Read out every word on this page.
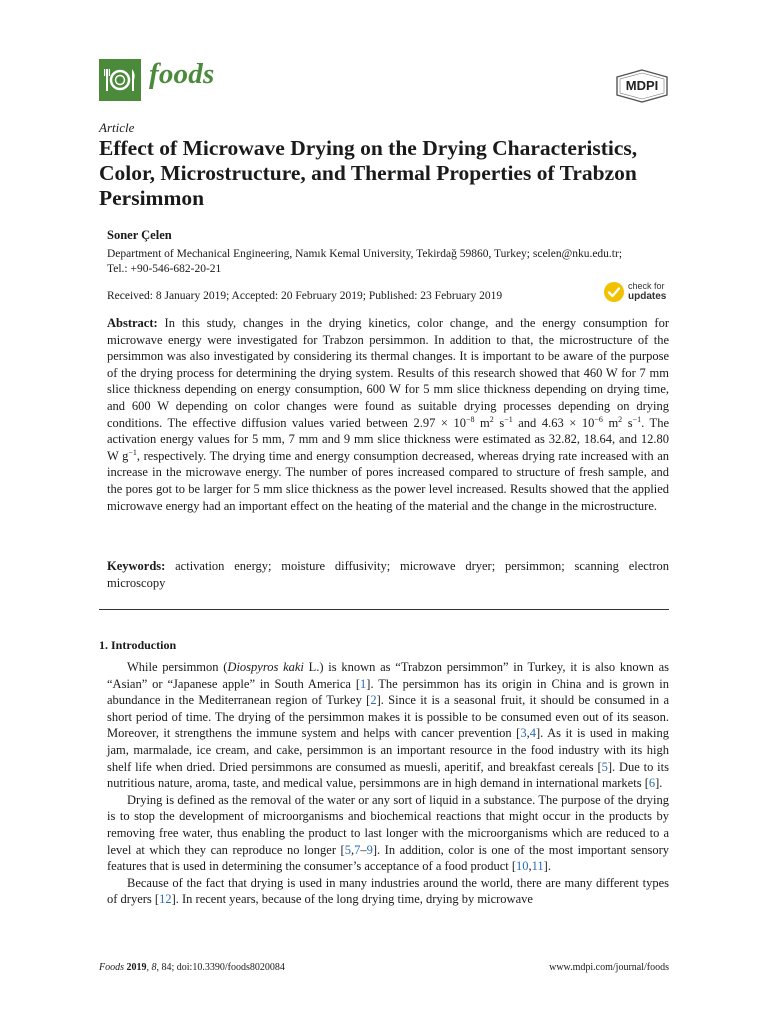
foods	MDPI
Article
Effect of Microwave Drying on the Drying Characteristics, Color, Microstructure, and Thermal Properties of Trabzon Persimmon
Soner Çelen
Department of Mechanical Engineering, Namık Kemal University, Tekirdağ 59860, Turkey; scelen@nku.edu.tr;
Tel.: +90-546-682-20-21
Received: 8 January 2019; Accepted: 20 February 2019; Published: 23 February 2019
check for
updates

Abstract: In this study, changes in the drying kinetics, color change, and the energy consumption for microwave energy were investigated for Trabzon persimmon. In addition to that, the microstructure of the persimmon was also investigated by considering its thermal changes. It is important to be aware of the purpose of the drying process for determining the drying system. Results of this research showed that 460 W for 7 mm slice thickness depending on energy consumption, 600 W for 5 mm slice thickness depending on drying time, and 600 W depending on color changes were found as suitable drying processes depending on drying conditions. The effective diffusion values varied between $2.97 \times 10^{-8}$ $m^2$ $s^{-1}$ and $4.63 \times 10^{-6}$ $m^2$ $s^{-1}$. The activation energy values for 5 mm, 7 mm and 9 mm slice thickness were estimated as 32.82, 18.64, and 12.80 W $g^{-1}$, respectively. The drying time and energy consumption decreased, whereas drying rate increased with an increase in the microwave energy. The number of pores increased compared to structure of fresh sample, and the pores got to be larger for 5 mm slice thickness as the power level increased. Results showed that the applied microwave energy had an important effect on the heating of the material and the change in the microstructure.

Keywords: activation energy; moisture diffusivity; microwave dryer; persimmon; scanning electron microscopy

1. Introduction

While persimmon (Diospyros kaki L.) is known as “Trabzon persimmon” in Turkey, it is also known as “Asian” or “Japanese apple” in South America [1]. The persimmon has its origin in China and is grown in abundance in the Mediterranean region of Turkey [2]. Since it is a seasonal fruit, it should be consumed in a short period of time. The drying of the persimmon makes it is possible to be consumed even out of its season. Moreover, it strengthens the immune system and helps with cancer prevention [3,4]. As it is used in making jam, marmalade, ice cream, and cake, persimmon is an important resource in the food industry with its high shelf life when dried. Dried persimmons are consumed as muesli, aperitif, and breakfast cereals [5]. Due to its nutritious nature, aroma, taste, and medical value, persimmons are in high demand in international markets [6].

Drying is defined as the removal of the water or any sort of liquid in a substance. The purpose of the drying is to stop the development of microorganisms and biochemical reactions that might occur in the products by removing free water, thus enabling the product to last longer with the microorganisms which are reduced to a level at which they can reproduce no longer [5,7–9]. In addition, color is one of the most important sensory features that is used in determining the consumer’s acceptance of a food product [10,11].

Because of the fact that drying is used in many industries around the world, there are many different types of dryers [12]. In recent years, because of the long drying time, drying by microwave

Foods 2019, 8, 84; doi:10.3390/foods8020084	www.mdpi.com/journal/foods
